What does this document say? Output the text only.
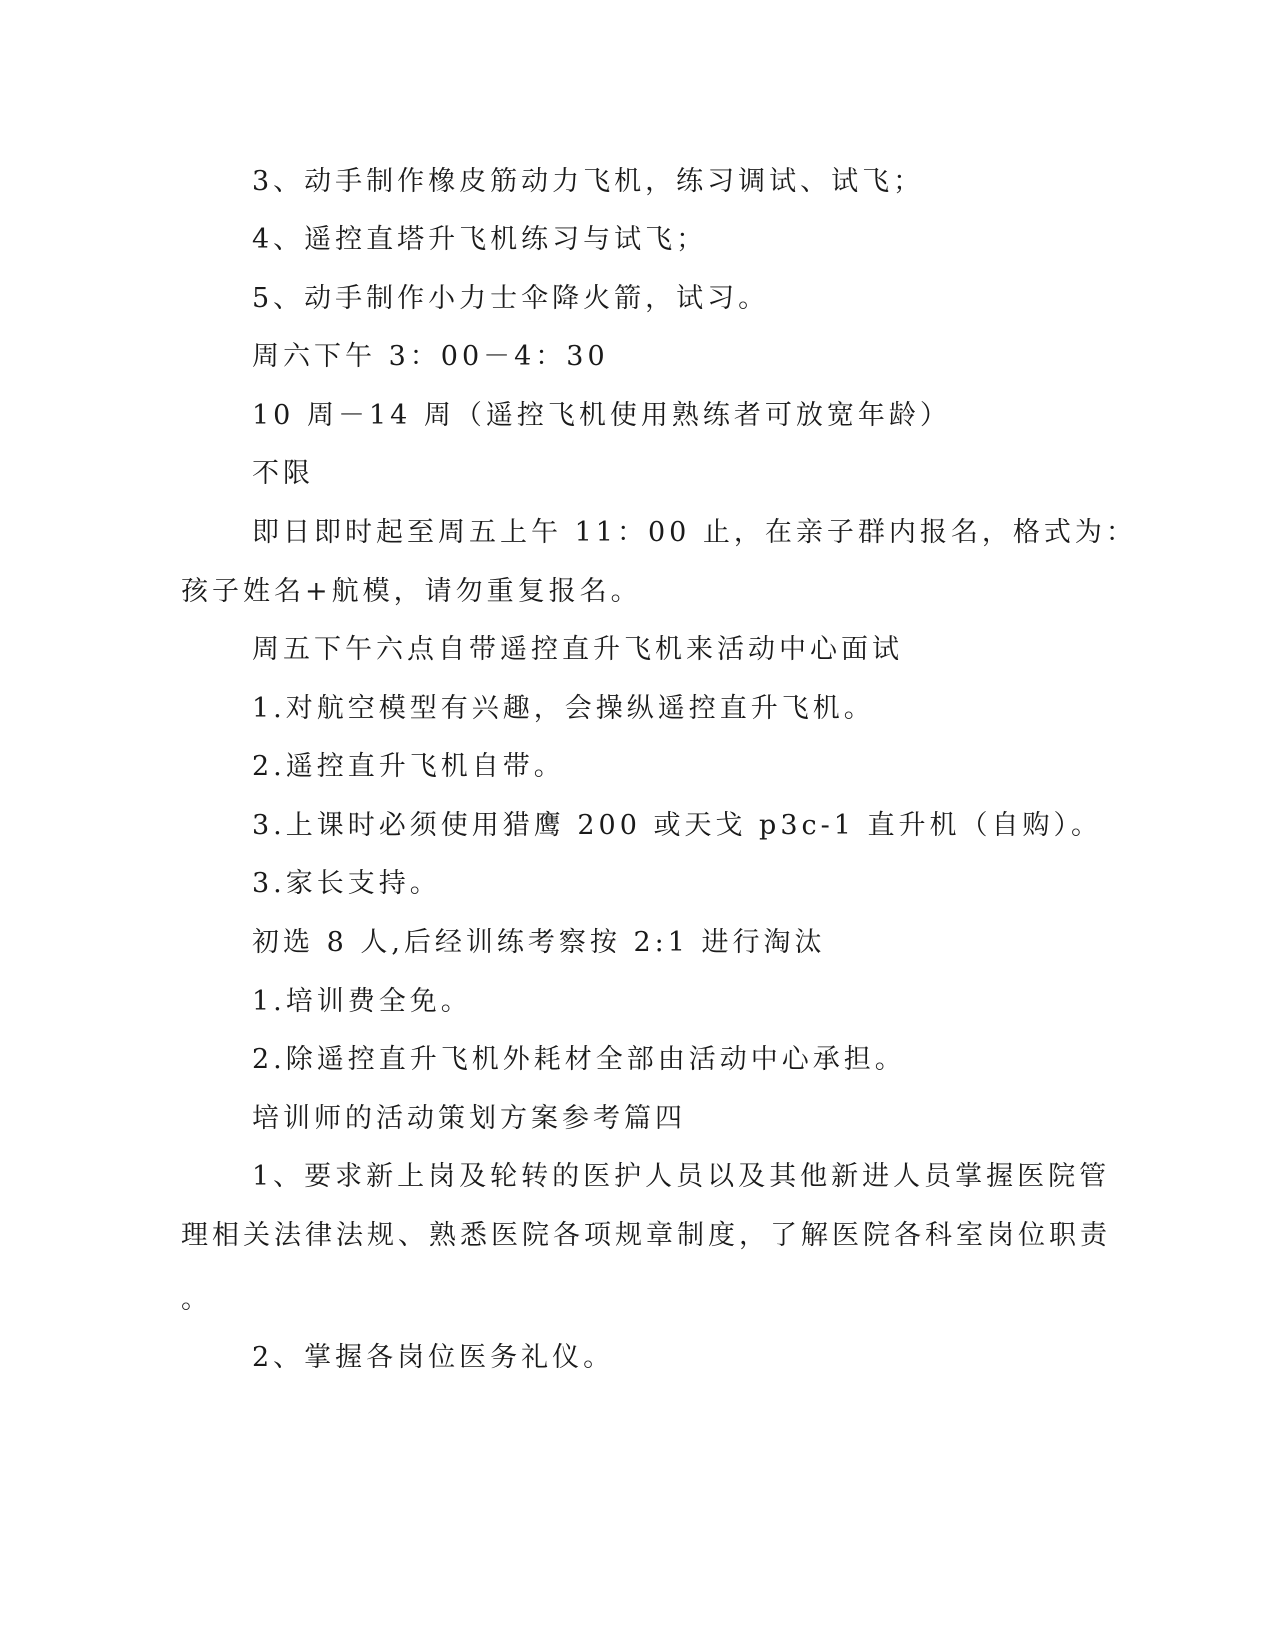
3、动手制作橡皮筋动力飞机，练习调试、试飞；

4、遥控直塔升飞机练习与试飞；

5、动手制作小力士伞降火箭，试习。

周六下午 3：00－4：30

10 周－14 周（遥控飞机使用熟练者可放宽年龄）

不限

即日即时起至周五上午 11：00 止，在亲子群内报名，格式为：

孩子姓名+航模，请勿重复报名。

周五下午六点自带遥控直升飞机来活动中心面试

1.对航空模型有兴趣，会操纵遥控直升飞机。

2.遥控直升飞机自带。

3.上课时必须使用猎鹰 200 或天戈 p3c-1 直升机（自购）。

3.家长支持。

初选 8 人,后经训练考察按 2:1 进行淘汰

1.培训费全免。

2.除遥控直升飞机外耗材全部由活动中心承担。

培训师的活动策划方案参考篇四

1、要求新上岗及轮转的医护人员以及其他新进人员掌握医院管

理相关法律法规、熟悉医院各项规章制度，了解医院各科室岗位职责

。

2、掌握各岗位医务礼仪。
